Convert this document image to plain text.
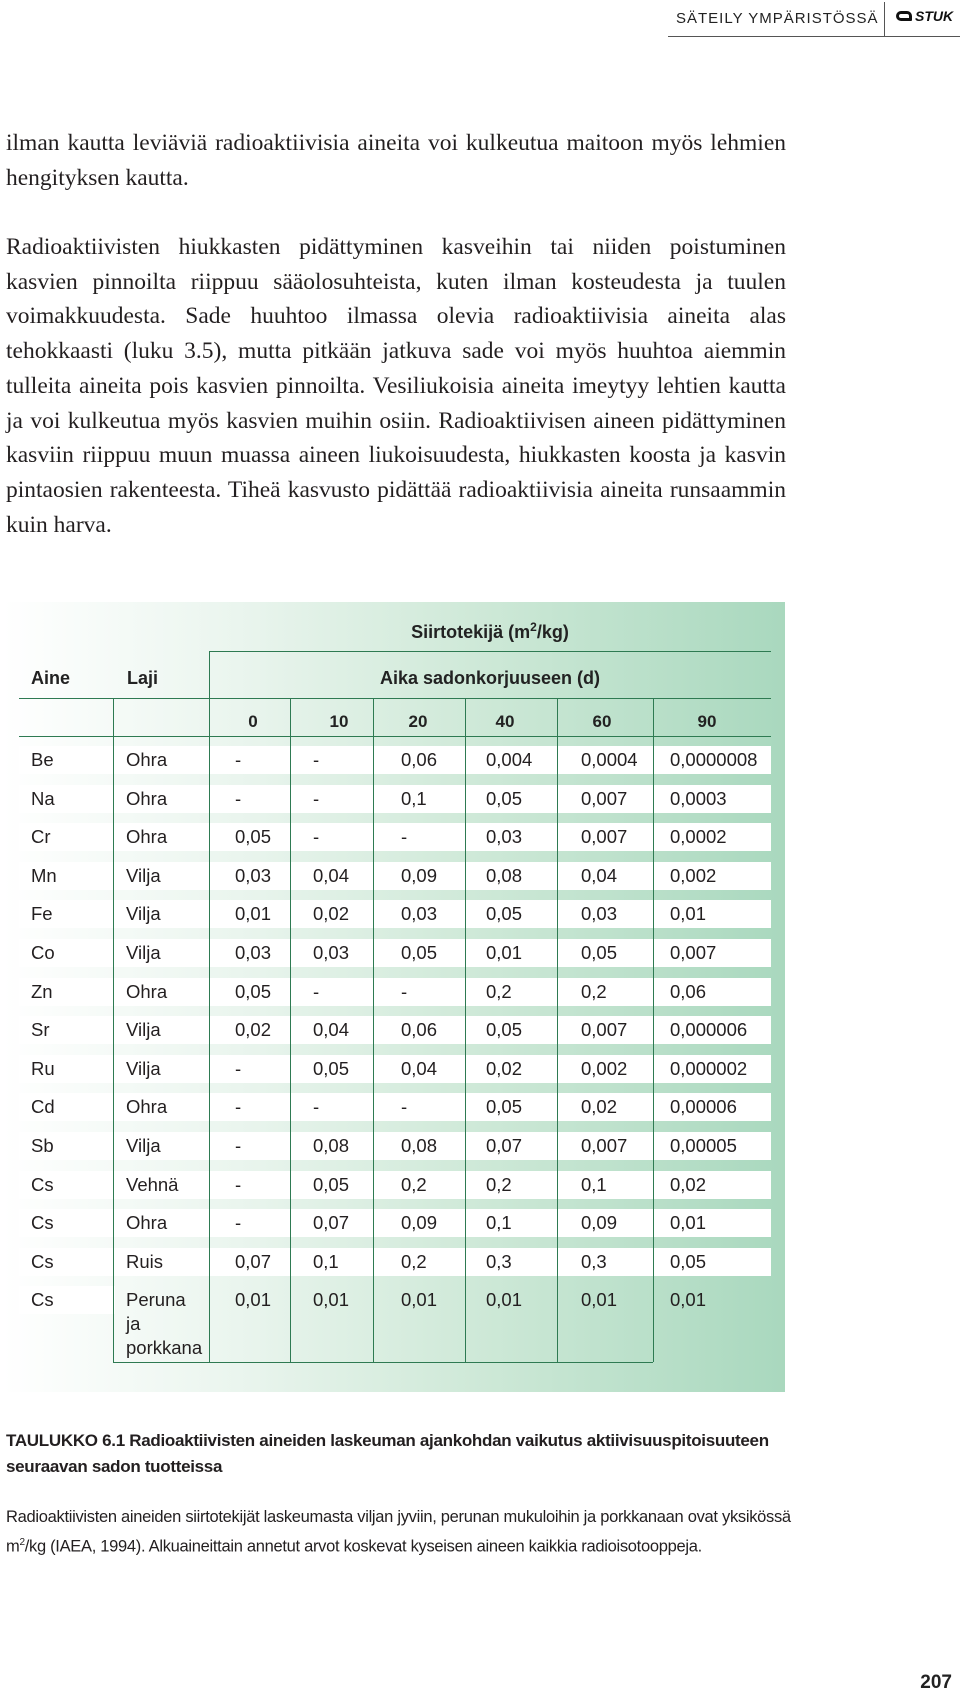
SÄTEILY YMPÄRISTÖSSÄ	STUK

ilman kautta leviäviä radioaktiivisia aineita voi kulkeutua maitoon myös lehmien hengityksen kautta.

Radioaktiivisten hiukkasten pidättyminen kasveihin tai niiden poistuminen kasvien pinnoilta riippuu sääolosuhteista, kuten ilman kosteudesta ja tuulen voimakkuudesta. Sade huuhtoo ilmassa olevia radioaktiivisia aineita alas tehokkaasti (luku 3.5), mutta pitkään jatkuva sade voi myös huuhtoa aiemmin tulleita aineita pois kasvien pinnoilta. Vesiliukoisia aineita imeytyy lehtien kautta ja voi kulkeutua myös kasvien muihin osiin. Radioaktiivisen aineen pidättyminen kasviin riippuu muun muassa aineen liukoisuudesta, hiukkasten koosta ja kasvin pintaosien rakenteesta. Tiheä kasvusto pidättää radioaktiivisia aineita runsaammin kuin harva.

Siirtotekijä $(m^2/kg)$
Aine	Laji	Aika sadonkorjuuseen (d)
0	10	20	40	60	90
Be	Ohra	-	-	0,06	0,004	0,0004 0,0000008
Na	Ohra	-	-	0,1	0,05	0,007 0,0003
Cr	Ohra	0,05 -	-	0,03	0,007 0,0002
Mn	Vilja	0,03 0,04	0,09	0,08	0,04	0,002
Fe	Vilja	0,01 0,02	0,03	0,05	0,03	0,01
Co	Vilja	0,03 0,03	0,05	0,01	0,05	0,007
Zn	Ohra	0,05 -	-	0,2	0,2	0,06
Sr	Vilja	0,02 0,04	0,06	0,05	0,007 0,000006
Ru	Vilja	-	0,05	0,04	0,02	0,002 0,000002
Cd	Ohra	-	-	-	0,05	0,02	0,00006
Sb	Vilja	-	0,08	0,08	0,07	0,007 0,00005
Cs	Vehnä	-	0,05	0,2	0,2	0,1	0,02
Cs	Ohra	-	0,07	0,09	0,1	0,09	0,01
Cs	Ruis	0,07 0,1	0,2	0,3	0,3	0,05
Cs	Peruna
ja
porkkana
0,01 0,01	0,01	0,01	0,01	0,01
TAULUKKO 6.1 Radioaktiivisten aineiden laskeuman ajankohdan vaikutus aktiivisuuspitoisuuteen seuraavan sadon tuotteissa
Radioaktiivisten aineiden siirtotekijät laskeumasta viljan jyviin, perunan mukuloihin ja porkkanaan ovat yksikössä $m^2/kg$ (IAEA, 1994). Alkuaineittain annetut arvot koskevat kyseisen aineen kaikkia radioisotooppeja.
207
